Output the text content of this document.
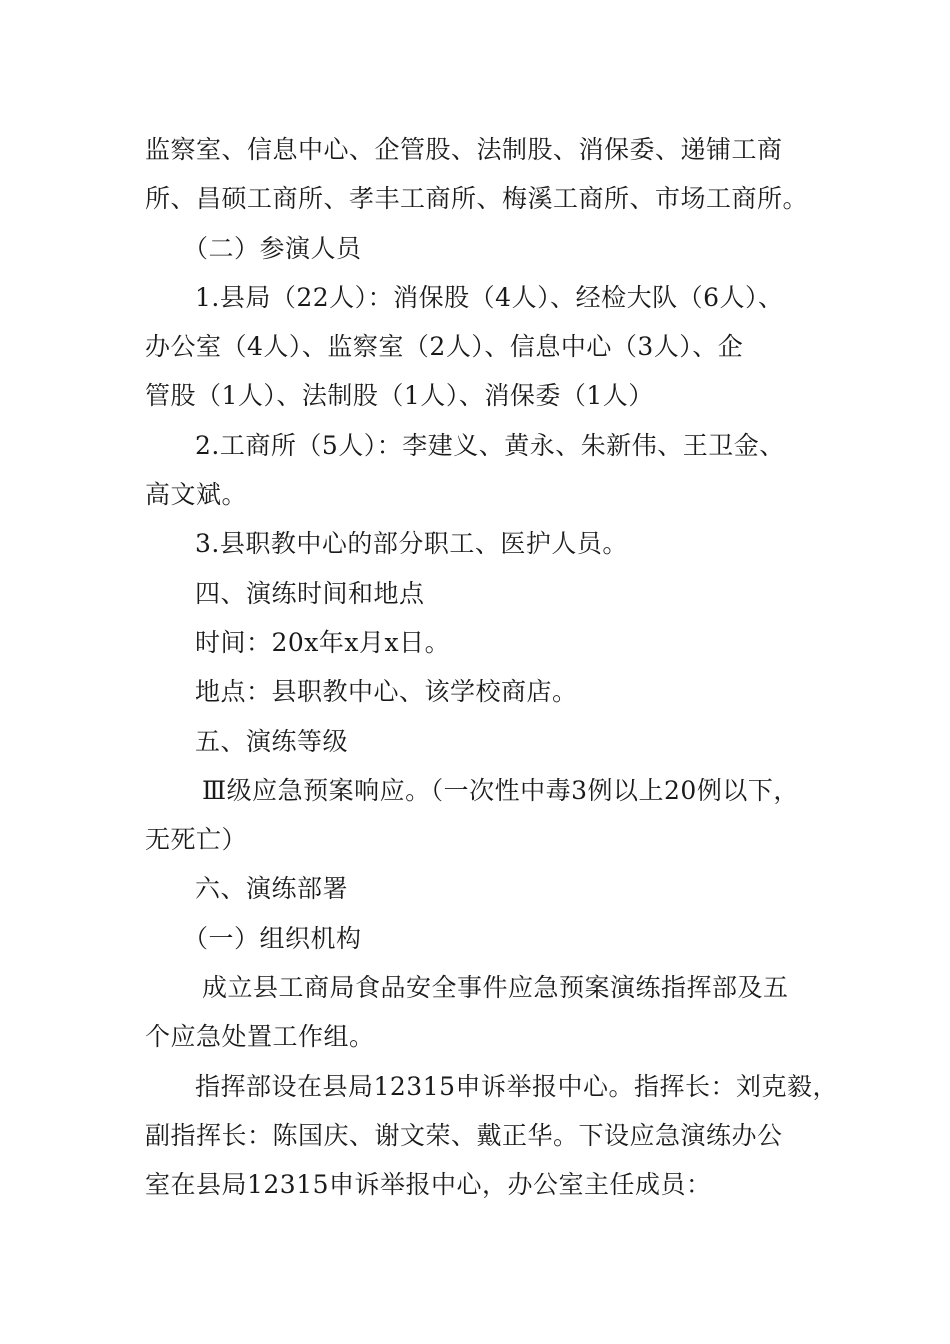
监察室、信息中心、企管股、法制股、消保委、递铺工商

所、昌硕工商所、孝丰工商所、梅溪工商所、市场工商所。

（二）参演人员

1.县局（22人）：消保股（4人）、经检大队（6人）、

办公室（4人）、监察室（2人）、信息中心（3人）、企

管股（1人）、法制股（1人）、消保委（1人）

2.工商所（5人）：李建义、黄永、朱新伟、王卫金、

高文斌。

3.县职教中心的部分职工、医护人员。

四、演练时间和地点

时间：20x年x月x日。

地点：县职教中心、该学校商店。

五、演练等级

Ⅲ级应急预案响应。（一次性中毒3例以上20例以下，

无死亡）

六、演练部署

（一）组织机构

成立县工商局食品安全事件应急预案演练指挥部及五

个应急处置工作组。

指挥部设在县局12315申诉举报中心。指挥长：刘克毅，

副指挥长：陈国庆、谢文荣、戴正华。下设应急演练办公

室在县局12315申诉举报中心，办公室主任成员：
